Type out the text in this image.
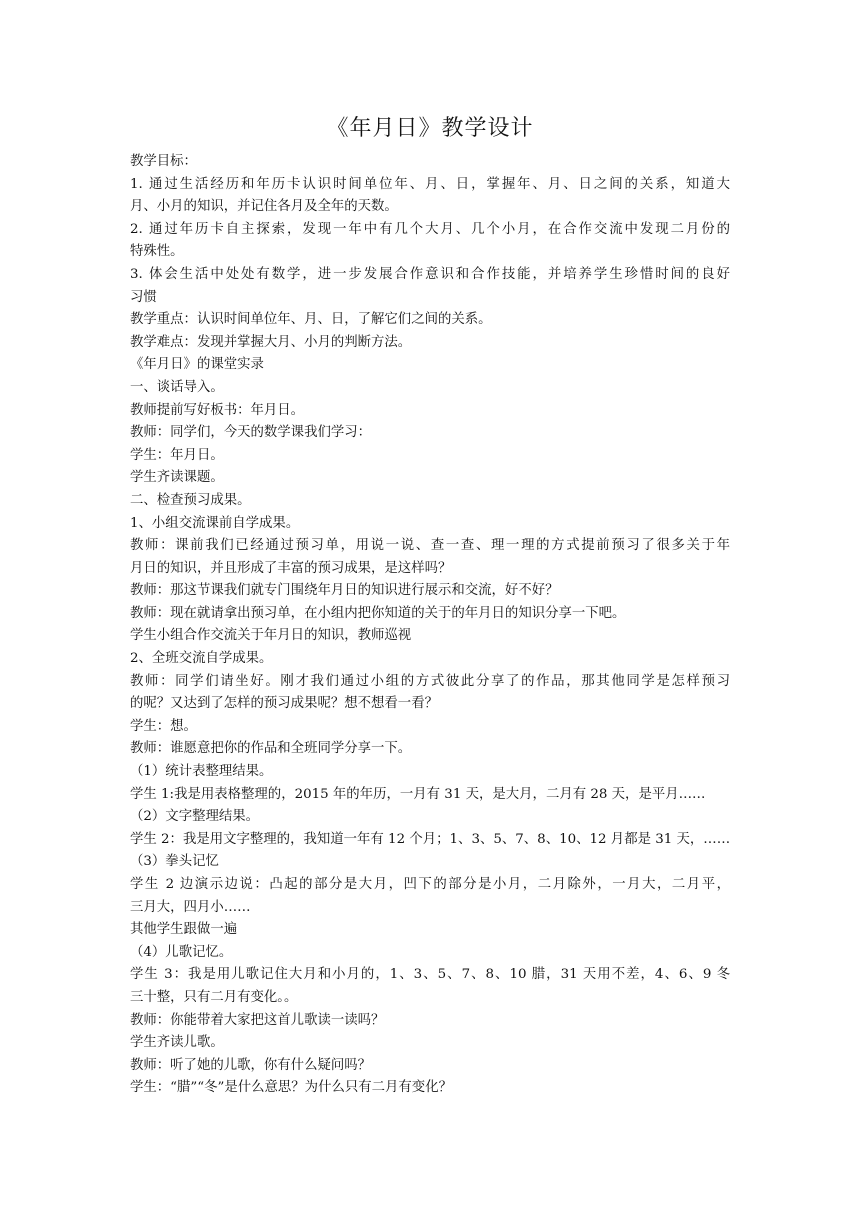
《年月日》教学设计
教学目标：
1. 通过生活经历和年历卡认识时间单位年、月、日，掌握年、月、日之间的关系，知道大
月、小月的知识，并记住各月及全年的天数。
2. 通过年历卡自主探索，发现一年中有几个大月、几个小月，在合作交流中发现二月份的
特殊性。
3. 体会生活中处处有数学，进一步发展合作意识和合作技能，并培养学生珍惜时间的良好
习惯
教学重点：认识时间单位年、月、日，了解它们之间的关系。
教学难点：发现并掌握大月、小月的判断方法。
《年月日》的课堂实录
一、谈话导入。
教师提前写好板书：年月日。
教师：同学们，今天的数学课我们学习：
学生：年月日。
学生齐读课题。
二、检查预习成果。
1、小组交流课前自学成果。
教师：课前我们已经通过预习单，用说一说、查一查、理一理的方式提前预习了很多关于年
月日的知识，并且形成了丰富的预习成果，是这样吗？
教师：那这节课我们就专门围绕年月日的知识进行展示和交流，好不好？
教师：现在就请拿出预习单，在小组内把你知道的关于的年月日的知识分享一下吧。
学生小组合作交流关于年月日的知识，教师巡视
2、全班交流自学成果。
教师：同学们请坐好。刚才我们通过小组的方式彼此分享了的作品，那其他同学是怎样预习
的呢？又达到了怎样的预习成果呢？想不想看一看？
学生：想。
教师：谁愿意把你的作品和全班同学分享一下。
（1）统计表整理结果。
学生 1:我是用表格整理的，2015 年的年历，一月有 31 天，是大月，二月有 28 天，是平月……
（2）文字整理结果。
学生 2：我是用文字整理的，我知道一年有 12 个月；1、3、5、7、8、10、12 月都是 31 天，……
（3）拳头记忆
学生 2 边演示边说：凸起的部分是大月，凹下的部分是小月，二月除外，一月大，二月平，
三月大，四月小……
其他学生跟做一遍
（4）儿歌记忆。
学生 3：我是用儿歌记住大月和小月的，1、3、5、7、8、10 腊，31 天用不差，4、6、9 冬
三十整，只有二月有变化。。
教师：你能带着大家把这首儿歌读一读吗？
学生齐读儿歌。
教师：听了她的儿歌，你有什么疑问吗？
学生：“腊”“冬”是什么意思？为什么只有二月有变化？
